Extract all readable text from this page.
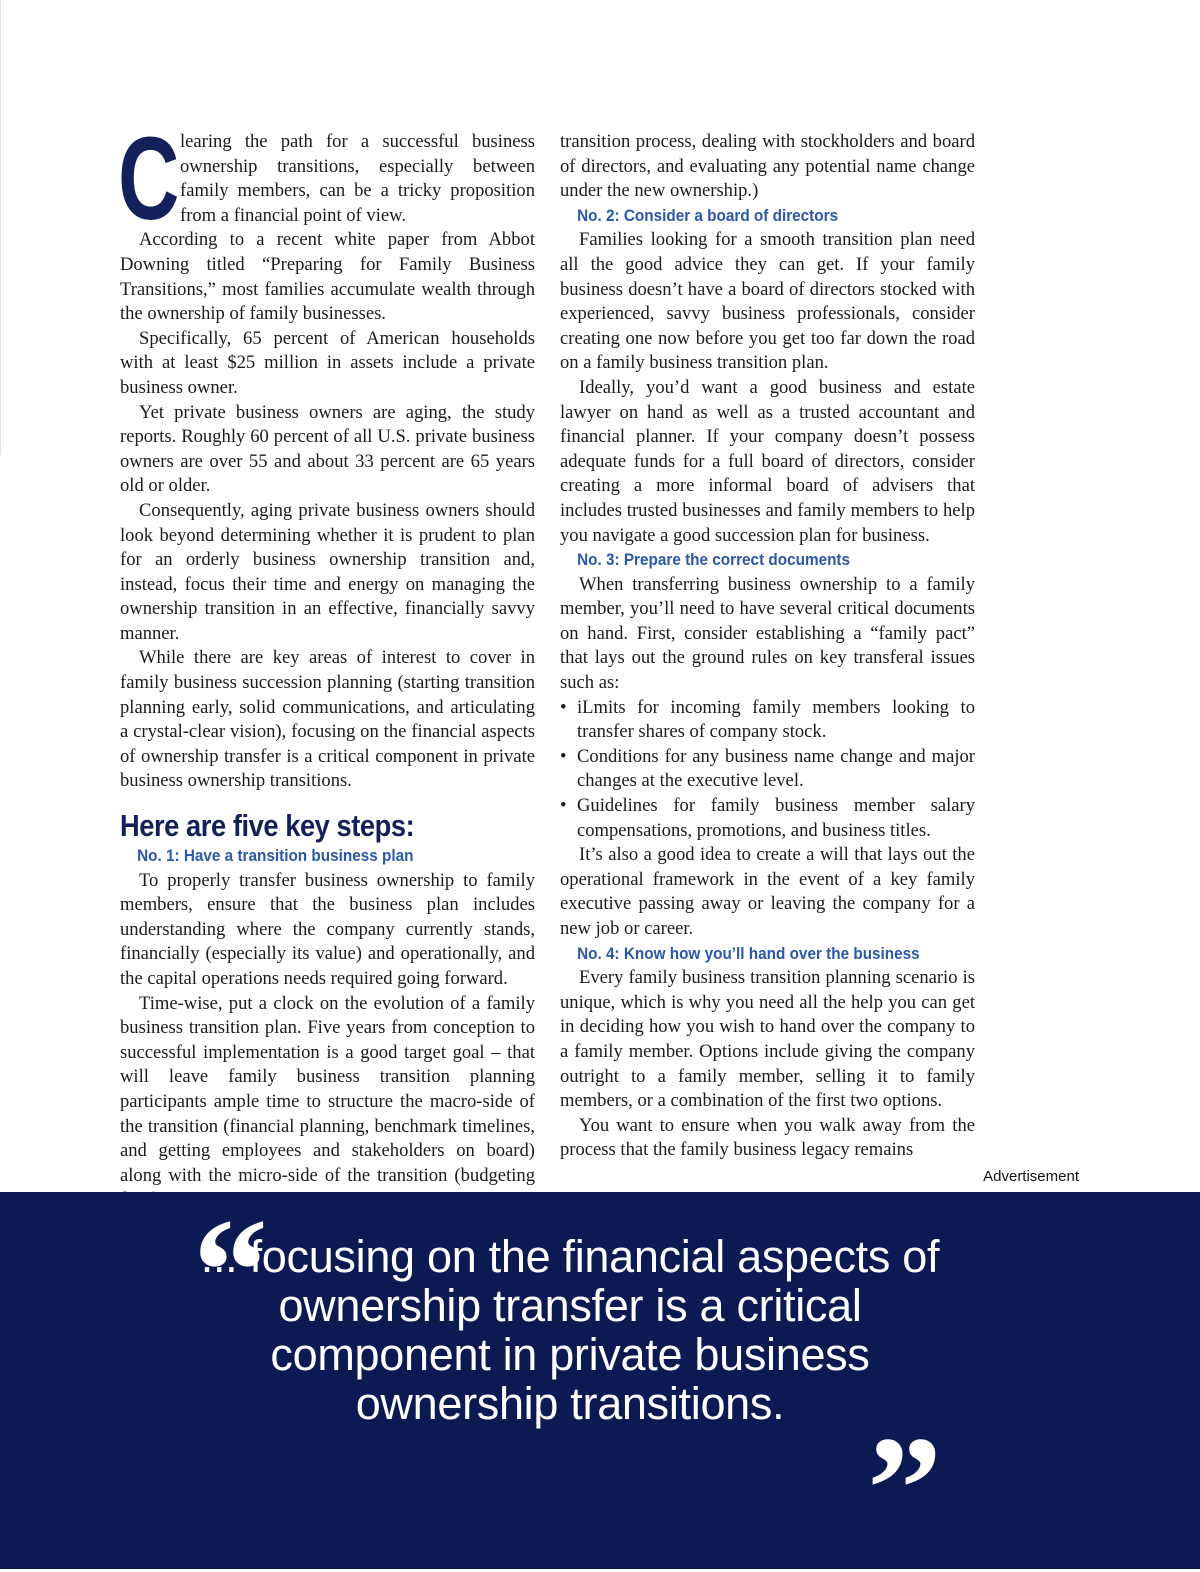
C learing the path for a successful business ownership transitions, especially between family members, can be a tricky proposition from a financial point of view.

According to a recent white paper from Abbot Downing titled “Preparing for Family Business Transitions,” most families accumulate wealth through the ownership of family businesses.

Specifically, 65 percent of American households with at least $25 million in assets include a private business owner.

Yet private business owners are aging, the study reports. Roughly 60 percent of all U.S. private business owners are over 55 and about 33 percent are 65 years old or older.

Consequently, aging private business owners should look beyond determining whether it is prudent to plan for an orderly business ownership transition and, instead, focus their time and energy on managing the ownership transition in an effective, financially savvy manner.

While there are key areas of interest to cover in family business succession planning (starting transition planning early, solid communications, and articulating a crystal-clear vision), focusing on the financial aspects of ownership transfer is a critical component in private business ownership transitions.

Here are five key steps:
No. 1: Have a transition business plan

To properly transfer business ownership to family members, ensure that the business plan includes understanding where the company currently stands, financially (especially its value) and operationally, and the capital operations needs required going forward.

Time-wise, put a clock on the evolution of a family business transition plan. Five years from conception to successful implementation is a good target goal – that will leave family business transition planning participants ample time to structure the macro-side of the transition (financial planning, benchmark timelines, and getting employees and stakeholders on board) along with the micro-side of the transition (budgeting

transition process, dealing with stockholders and board of directors, and evaluating any potential name change under the new ownership.)

No. 2: Consider a board of directors

Families looking for a smooth transition plan need all the good advice they can get. If your family business doesn’t have a board of directors stocked with experienced, savvy business professionals, consider creating one now before you get too far down the road on a family business transition plan.

Ideally, you’d want a good business and estate lawyer on hand as well as a trusted accountant and financial planner. If your company doesn’t possess adequate funds for a full board of directors, consider creating a more informal board of advisers that includes trusted businesses and family members to help you navigate a good succession plan for business.

No. 3: Prepare the correct documents

When transferring business ownership to a family member, you’ll need to have several critical documents on hand. First, consider establishing a “family pact” that lays out the ground rules on key transferal issues such as:

• iLmits for incoming family members looking to transfer shares of company stock.
• Conditions for any business name change and major changes at the executive level.
• Guidelines for family business member salary compensations, promotions, and business titles.

It’s also a good idea to create a will that lays out the operational framework in the event of a key family executive passing away or leaving the company for a new job or career.

No. 4: Know how you’ll hand over the business

Every family business transition planning scenario is unique, which is why you need all the help you can get in deciding how you wish to hand over the company to a family member. Options include giving the company outright to a family member, selling it to family members, or a combination of the first two options.

You want to ensure when you walk away from the process that the family business legacy remains

Advertisement
“
... focusing on the financial aspects of ownership transfer is a critical component in private business ownership transitions.
”
